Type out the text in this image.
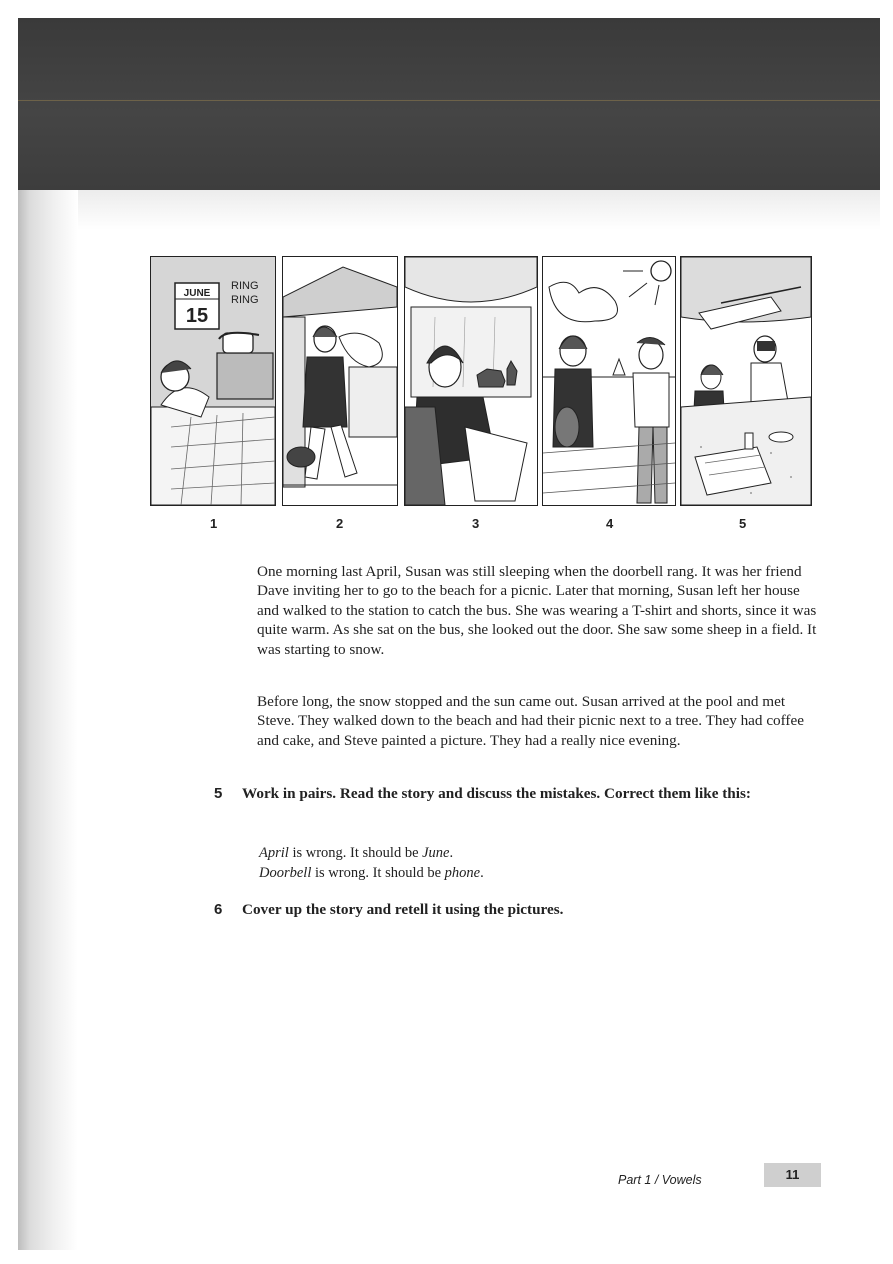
JUNE
15
RING
RING
1	2	3	4	5

One morning last April, Susan was still sleeping when the doorbell rang. It was her friend Dave inviting her to go to the beach for a picnic. Later that morning, Susan left her house and walked to the station to catch the bus. She was wearing a T-shirt and shorts, since it was quite warm. As she sat on the bus, she looked out the door. She saw some sheep in a field. It was starting to snow.

Before long, the snow stopped and the sun came out. Susan arrived at the pool and met Steve. They walked down to the beach and had their picnic next to a tree. They had coffee and cake, and Steve painted a picture. They had a really nice evening.

5 Work in pairs. Read the story and discuss the mistakes. Correct them like this:
April is wrong. It should be June.
Doorbell is wrong. It should be phone.
6 Cover up the story and retell it using the pictures.
Part 1 / Vowels	11
